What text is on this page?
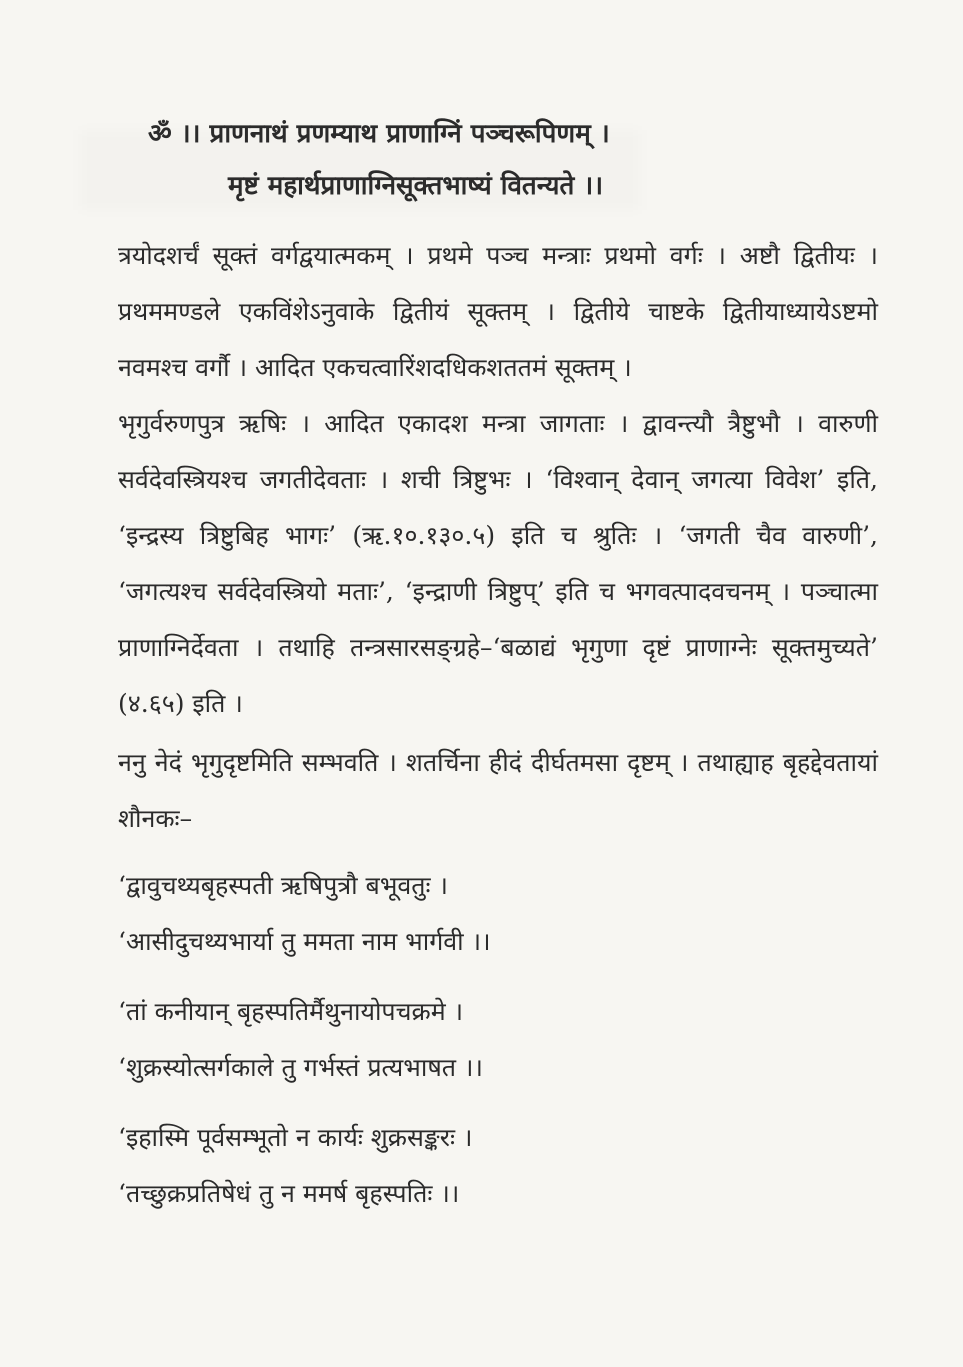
ॐ ।। प्राणनाथं प्रणम्याथ प्राणाग्निं पञ्चरूपिणम् ।
मृष्टं महार्थप्राणाग्निसूक्तभाष्यं वितन्यते ।।

त्रयोदशर्चं सूक्तं वर्गद्वयात्मकम् । प्रथमे पञ्च मन्त्राः प्रथमो वर्गः । अष्टौ द्वितीयः । प्रथममण्डले एकविंशेऽनुवाके द्वितीयं सूक्तम् । द्वितीये चाष्टके द्वितीयाध्यायेऽष्टमो नवमश्च वर्गौ । आदित एकचत्वारिंशदधिकशततमं सूक्तम् ।

भृगुर्वरुणपुत्र ऋषिः । आदित एकादश मन्त्रा जागताः । द्वावन्त्यौ त्रैष्टुभौ । वारुणी सर्वदेवस्त्रियश्च जगतीदेवताः । शची त्रिष्टुभः । ‘विश्वान् देवान् जगत्या विवेश’ इति, ‘इन्द्रस्य त्रिष्टुबिह भागः’ (ऋ.१०.१३०.५) इति च श्रुतिः । ‘जगती चैव वारुणी’, ‘जगत्यश्च सर्वदेवस्त्रियो मताः’, ‘इन्द्राणी त्रिष्टुप्’ इति च भगवत्पादवचनम् । पञ्चात्मा प्राणाग्निर्देवता । तथाहि तन्त्रसारसङ्ग्रहे–‘बळाद्यं भृगुणा दृष्टं प्राणाग्नेः सूक्तमुच्यते’ (४.६५) इति ।

ननु नेदं भृगुदृष्टमिति सम्भवति । शतर्चिना हीदं दीर्घतमसा दृष्टम् । तथाह्याह बृहद्देवतायां शौनकः–

‘द्वावुचथ्यबृहस्पती ऋषिपुत्रौ बभूवतुः ।
‘आसीदुचथ्यभार्या तु ममता नाम भार्गवी ।।
‘तां कनीयान् बृहस्पतिर्मैथुनायोपचक्रमे ।
‘शुक्रस्योत्सर्गकाले तु गर्भस्तं प्रत्यभाषत ।।
‘इहास्मि पूर्वसम्भूतो न कार्यः शुक्रसङ्करः ।
‘तच्छुक्रप्रतिषेधं तु न ममर्ष बृहस्पतिः ।।
